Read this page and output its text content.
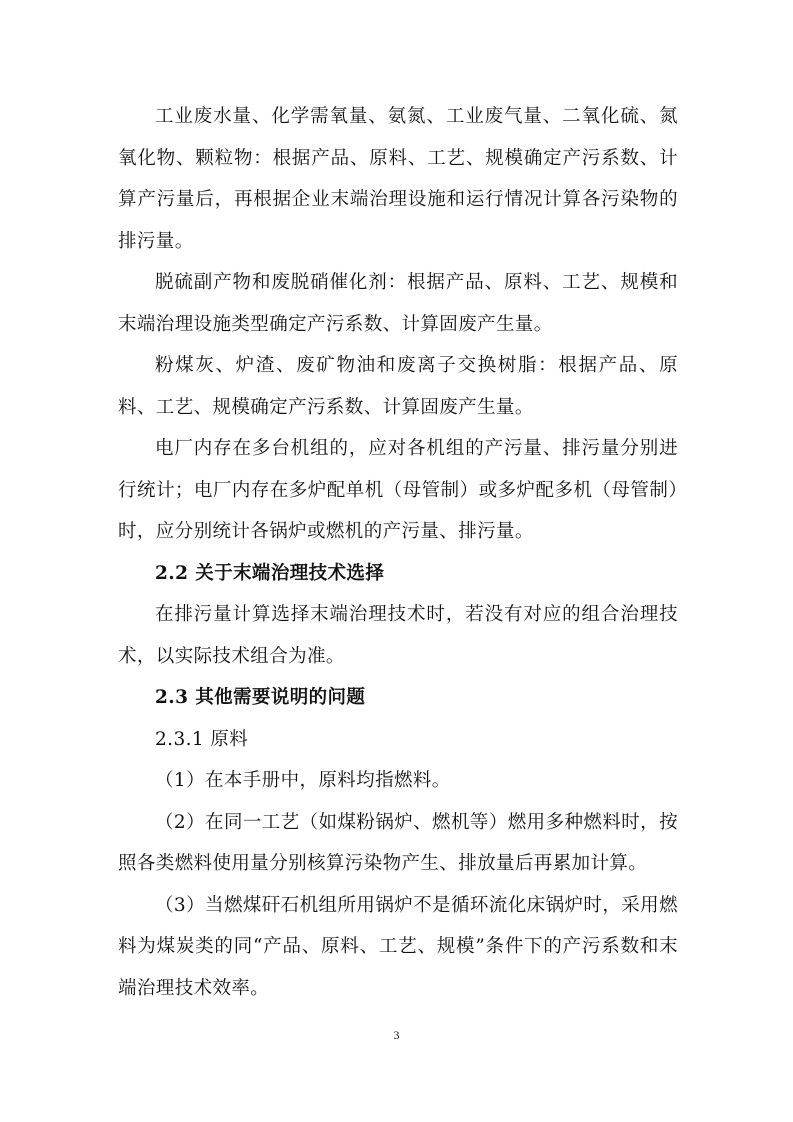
工业废水量、化学需氧量、氨氮、工业废气量、二氧化硫、氮氧化物、颗粒物：根据产品、原料、工艺、规模确定产污系数、计算产污量后，再根据企业末端治理设施和运行情况计算各污染物的排污量。

脱硫副产物和废脱硝催化剂：根据产品、原料、工艺、规模和末端治理设施类型确定产污系数、计算固废产生量。

粉煤灰、炉渣、废矿物油和废离子交换树脂：根据产品、原料、工艺、规模确定产污系数、计算固废产生量。

电厂内存在多台机组的，应对各机组的产污量、排污量分别进行统计；电厂内存在多炉配单机（母管制）或多炉配多机（母管制）时，应分别统计各锅炉或燃机的产污量、排污量。

2.2 关于末端治理技术选择

在排污量计算选择末端治理技术时，若没有对应的组合治理技术，以实际技术组合为准。

2.3 其他需要说明的问题

2.3.1 原料

（1）在本手册中，原料均指燃料。

（2）在同一工艺（如煤粉锅炉、燃机等）燃用多种燃料时，按照各类燃料使用量分别核算污染物产生、排放量后再累加计算。

（3）当燃煤矸石机组所用锅炉不是循环流化床锅炉时，采用燃料为煤炭类的同“产品、原料、工艺、规模”条件下的产污系数和末端治理技术效率。

3
